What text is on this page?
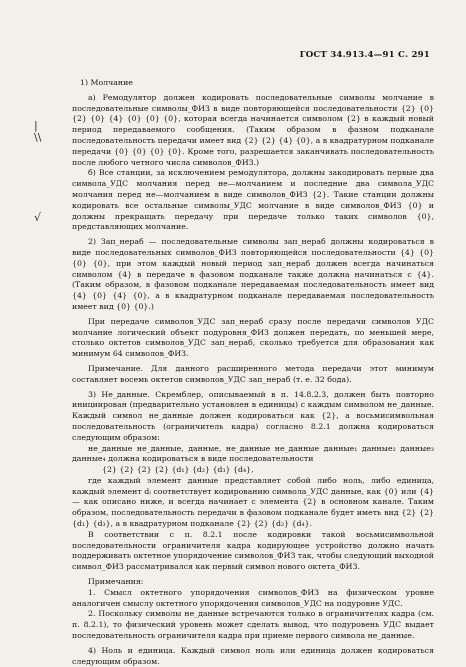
ГОСТ 34.913.4—91 С. 291
|
\\
√

1) Молчание

а) Ремодулятор должен кодировать последовательные символы молчание в последовательные символы_ФИЗ в виде повторяющейся последовательности {2} {0} {2} {0} {4} {0} {0} {0}, которая всегда начинается символом {2} в каждый новый период передаваемого сообщения. (Таким образом в фазном подканале последовательность передачи имеет вид {2} {2} {4} {0}, а в квадратурном подканале передачи {0} {0} {0} {0}. Кроме того, разрешается заканчивать последовательность после любого четного числа символов_ФИЗ.)

б) Все станции, за исключением ремодулятора, должны закодировать первые два символа_УДС молчания перед не—молчанием и последние два символа_УДС молчания перед не—молчанием в виде символов_ФИЗ {2}. Такие станции должны кодировать все остальные символы_УДС молчание в виде символов_ФИЗ {0} и должны прекращать передачу при передаче только таких символов {0}, представляющих молчание.

2) Зап_нераб — последовательные символы зап_нераб должны кодироваться в виде последовательных символов_ФИЗ повторяющейся последовательности {4} {0} {0} {0}, при этом каждый новый период зап_нераб должен всегда начинаться символом {4} в передаче в фазовом подканале также должна начинаться с {4}. (Таким образом, в фазовом подканале передаваемая последовательность имеет вид {4} {0} {4} {0}, а в квадратурном подканале передаваемая последовательность имеет вид {0} {0}.)

При передаче символов_УДС зап_нераб сразу после передачи символов УДС молчание логический объект подуровня_ФИЗ должен передать, по меньшей мере, столько октетов символов_УДС зап_нераб, сколько требуется для образования как минимум 64 символов_ФИЗ.

Примечание. Для данного расширенного метода передачи этот минимум составляет восемь октетов символов_УДС зап_нераб (т. е. 32 бода).

3) Не_данные. Скремблер, описываемый в п. 14.8.2.3, должен быть повторно инициирован (предварительно установлен в единицы) с каждым символом не_данные. Каждый символ не_данные должен кодироваться как {2}, а восьмисимвольная последовательность (ограничитель кадра) согласно 8.2.1 должна кодироваться следующим образом:

не_данные не_данные, данные, не_данные не_данные данные₁ данные₂ данные₃ данные₄ должна кодироваться в виде последовательности

{2} {2} {2} {2} {d₁} {d₂} {d₃} {d₄},

где каждый элемент данные представляет собой либо ноль, либо единица, каждый элемент dᵢ соответствует кодированию символа_УДС данные, как {0} или {4} — как описано ниже, и всегда начинает с элемента {2} в основном канале. Таким образом, последовательность передачи в фазовом подканале будет иметь вид {2} {2} {d₁} {d₃}, а в квадратурном подканале {2} {2} {d₂} {d₄}.

В соответствии с п. 8.2.1 после кодировки такой восьмисимвольной последовательности ограничителя кадра кодирующее устройство должно начать поддерживать октетное упорядочение символов_ФИЗ так, чтобы следующий выходной символ_ФИЗ рассматривался как первый символ нового октета_ФИЗ.

Примечания:

1. Смысл октетного упорядочения символов_ФИЗ на физическом уровне аналогичен смыслу октетного упорядочения символов_УДС на подуровне УДС.

2. Поскольку символы не_данные встречаются только в ограничителях кадра (см. п. 8.2.1), то физический уровень может сделать вывод, что подуровень УДС выдает последовательность ограничителя кадра при приеме первого символа не_данные.

4) Ноль и единица. Каждый символ ноль или единица должен кодироваться следующим образом.
